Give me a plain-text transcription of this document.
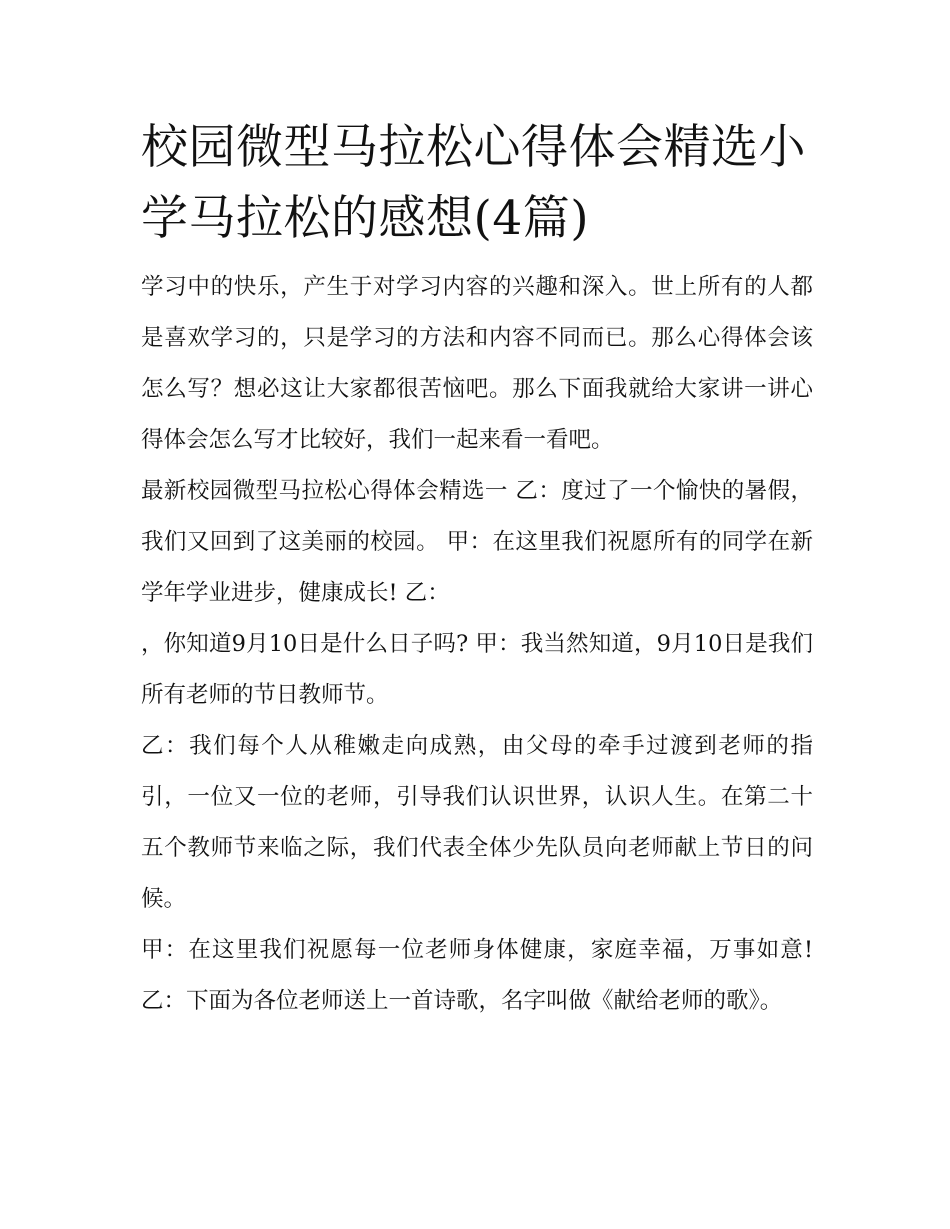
校园微型马拉松心得体会精选小学马拉松的感想(4篇)

学习中的快乐，产生于对学习内容的兴趣和深入。世上所有的人都是喜欢学习的，只是学习的方法和内容不同而已。那么心得体会该怎么写？想必这让大家都很苦恼吧。那么下面我就给大家讲一讲心得体会怎么写才比较好，我们一起来看一看吧。

最新校园微型马拉松心得体会精选一 乙：度过了一个愉快的暑假，我们又回到了这美丽的校园。 甲：在这里我们祝愿所有的同学在新学年学业进步，健康成长! 乙：

，你知道9月10日是什么日子吗? 甲：我当然知道，9月10日是我们所有老师的节日教师节。

乙：我们每个人从稚嫩走向成熟，由父母的牵手过渡到老师的指引，一位又一位的老师，引导我们认识世界，认识人生。在第二十五个教师节来临之际，我们代表全体少先队员向老师献上节日的问候。

甲：在这里我们祝愿每一位老师身体健康，家庭幸福，万事如意! 乙：下面为各位老师送上一首诗歌，名字叫做《献给老师的歌》。
